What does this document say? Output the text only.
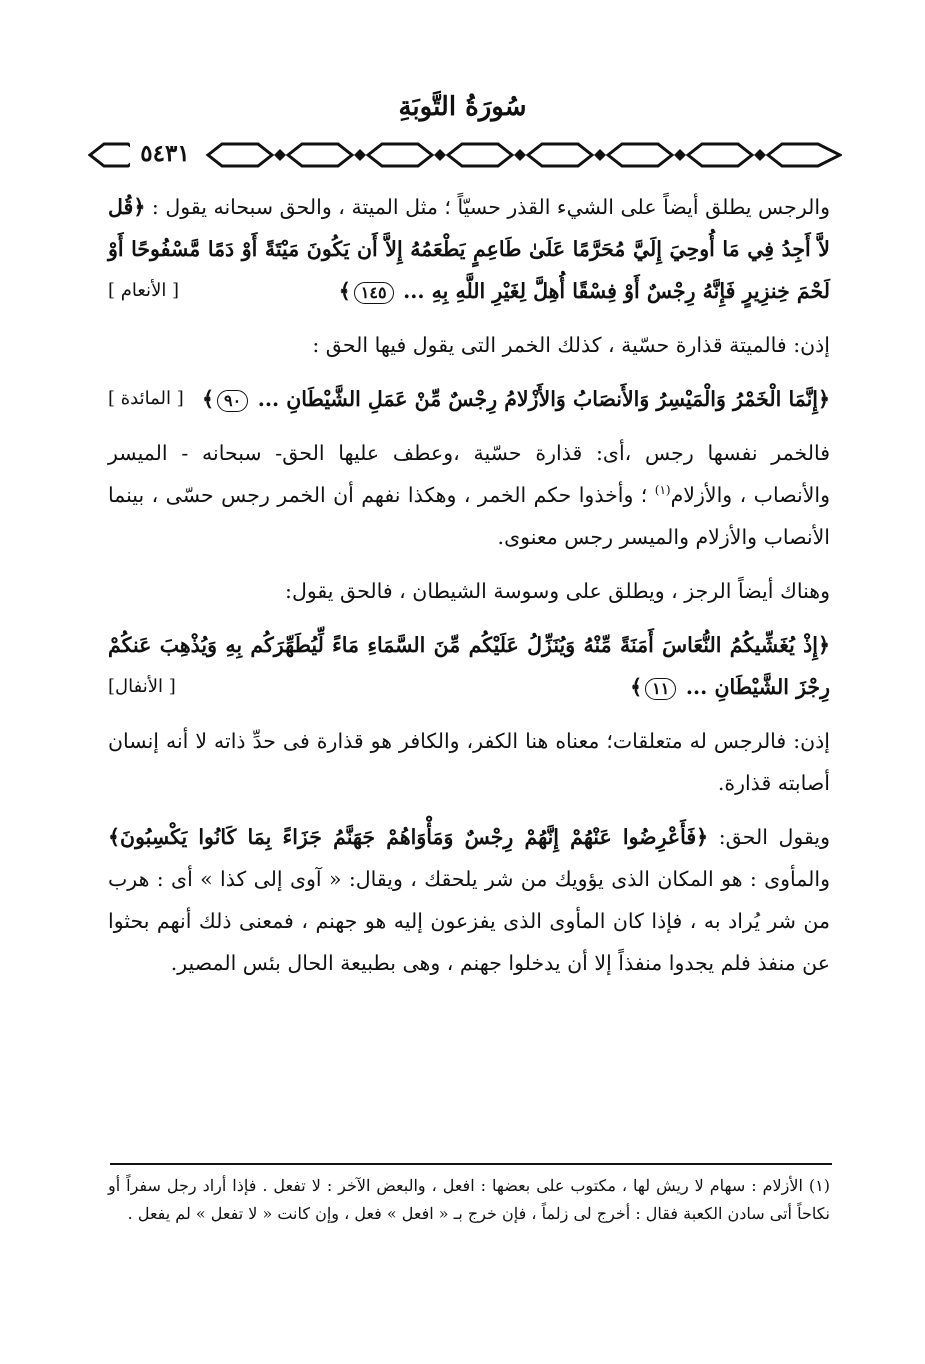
سُورَةُ التَّوبَةِ
٥٤٣١

والرجس يطلق أيضاً على الشيء القذر حسيّاً ؛ مثل الميتة ، والحق سبحانه يقول : ﴿قُل لاَّ أَجِدُ فِي مَا أُوحِيَ إِلَيَّ مُحَرَّمًا عَلَىٰ طَاعِمٍ يَطْعَمُهُ إِلاَّ أَن يَكُونَ مَيْتَةً أَوْ دَمًا مَّسْفُوحًا أَوْ لَحْمَ خِنزِيرٍ فَإِنَّهُ رِجْسٌ أَوْ فِسْقًا أُهِلَّ لِغَيْرِ اللَّهِ بِهِ ... ١٤٥﴾
[ الأنعام ]

إذن: فالميتة قذارة حسّية ، كذلك الخمر التى يقول فيها الحق :

﴿إِنَّمَا الْخَمْرُ وَالْمَيْسِرُ وَالأَنصَابُ وَالأَزْلامُ رِجْسٌ مِّنْ عَمَلِ الشَّيْطَانِ ... ٩٠﴾
[ المائدة ]

فالخمر نفسها رجس ،أى: قذارة حسّية ،وعطف عليها الحق- سبحانه - الميسر والأنصاب ، والأزلام$^{(١)}$ ؛ وأخذوا حكم الخمر ، وهكذا نفهم أن الخمر رجس حسّى ، بينما الأنصاب والأزلام والميسر رجس معنوى.

وهناك أيضاً الرجز ، ويطلق على وسوسة الشيطان ، فالحق يقول:

﴿إِذْ يُغَشِّيكُمُ النُّعَاسَ أَمَنَةً مِّنْهُ وَيُنَزِّلُ عَلَيْكُم مِّنَ السَّمَاءِ مَاءً لِّيُطَهِّرَكُم بِهِ وَيُذْهِبَ عَنكُمْ رِجْزَ الشَّيْطَانِ ... ١١﴾
[ الأنفال]

إذن: فالرجس له متعلقات؛ معناه هنا الكفر، والكافر هو قذارة فى حدِّ ذاته لا أنه إنسان أصابته قذارة.

ويقول الحق: ﴿فَأَعْرِضُوا عَنْهُمْ إِنَّهُمْ رِجْسٌ وَمَأْوَاهُمْ جَهَنَّمُ جَزَاءً بِمَا كَانُوا يَكْسِبُونَ﴾ والمأوى : هو المكان الذى يؤويك من شر يلحقك ، ويقال: « آوى إلى كذا » أى : هرب من شر يُراد به ، فإذا كان المأوى الذى يفزعون إليه هو جهنم ، فمعنى ذلك أنهم بحثوا عن منفذ فلم يجدوا منفذاً إلا أن يدخلوا جهنم ، وهى بطبيعة الحال بئس المصير.

(١) الأزلام : سهام لا ريش لها ، مكتوب على بعضها : افعل ، والبعض الآخر : لا تفعل . فإذا أراد رجل سفراً أو نكاحاً أتى سادن الكعبة فقال : أخرج لى زلماً ، فإن خرج بـ « افعل » فعل ، وإن كانت « لا تفعل » لم يفعل .
